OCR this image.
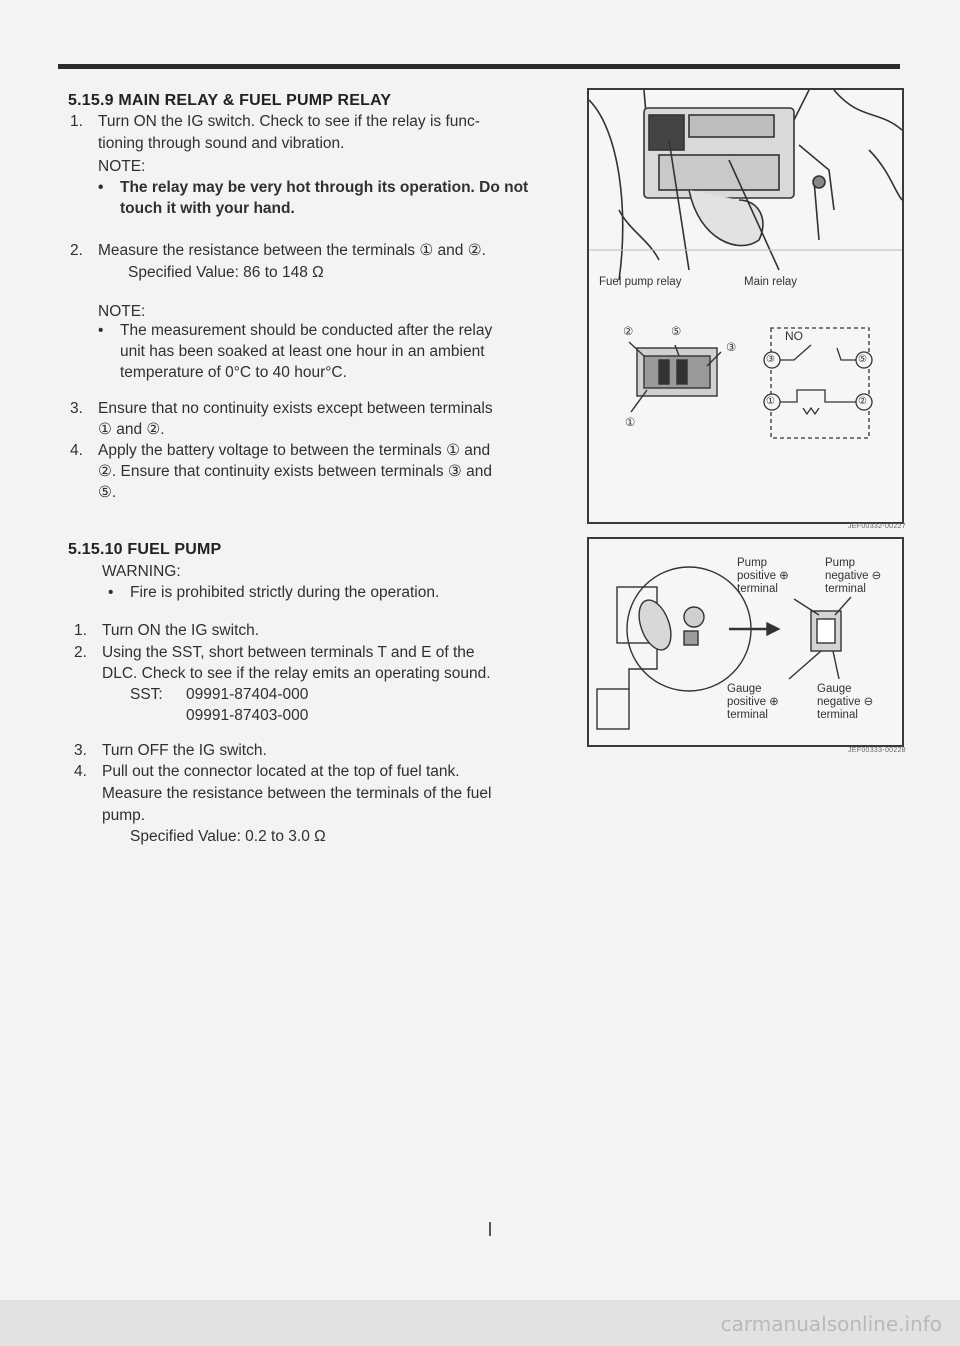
5.15.9 MAIN RELAY & FUEL PUMP RELAY
1. Turn ON the IG switch. Check to see if the relay is func-
tioning through sound and vibration.
NOTE:
• The relay may be very hot through its operation. Do not
touch it with your hand.
2. Measure the resistance between the terminals ① and ②.
Specified Value: 86 to 148 Ω
NOTE:
• The measurement should be conducted after the relay
unit has been soaked at least one hour in an ambient
temperature of 0°C to 40 hour°C.
3. Ensure that no continuity exists except between terminals
① and ②.
4. Apply the battery voltage to between the terminals ① and
②. Ensure that continuity exists between terminals ③ and
⑤.
5.15.10 FUEL PUMP
WARNING:
• Fire is prohibited strictly during the operation.
1. Turn ON the IG switch.
2. Using the SST, short between terminals T and E of the
DLC. Check to see if the relay emits an operating sound.
SST: 09991-87404-000
09991-87403-000
3. Turn OFF the IG switch.
4. Pull out the connector located at the top of fuel tank.
Measure the resistance between the terminals of the fuel
pump.
Specified Value: 0.2 to 3.0 Ω
Fuel pump relay	Main relay
②	⑤
③
①
NO
③	⑤
①	②
JEF00332-00227
Pump
positive ⊕
terminal
Pump
negative ⊖
terminal
Gauge
positive ⊕
terminal
Gauge
negative ⊖
terminal
JEF00333-00228
carmanualsonline.info
